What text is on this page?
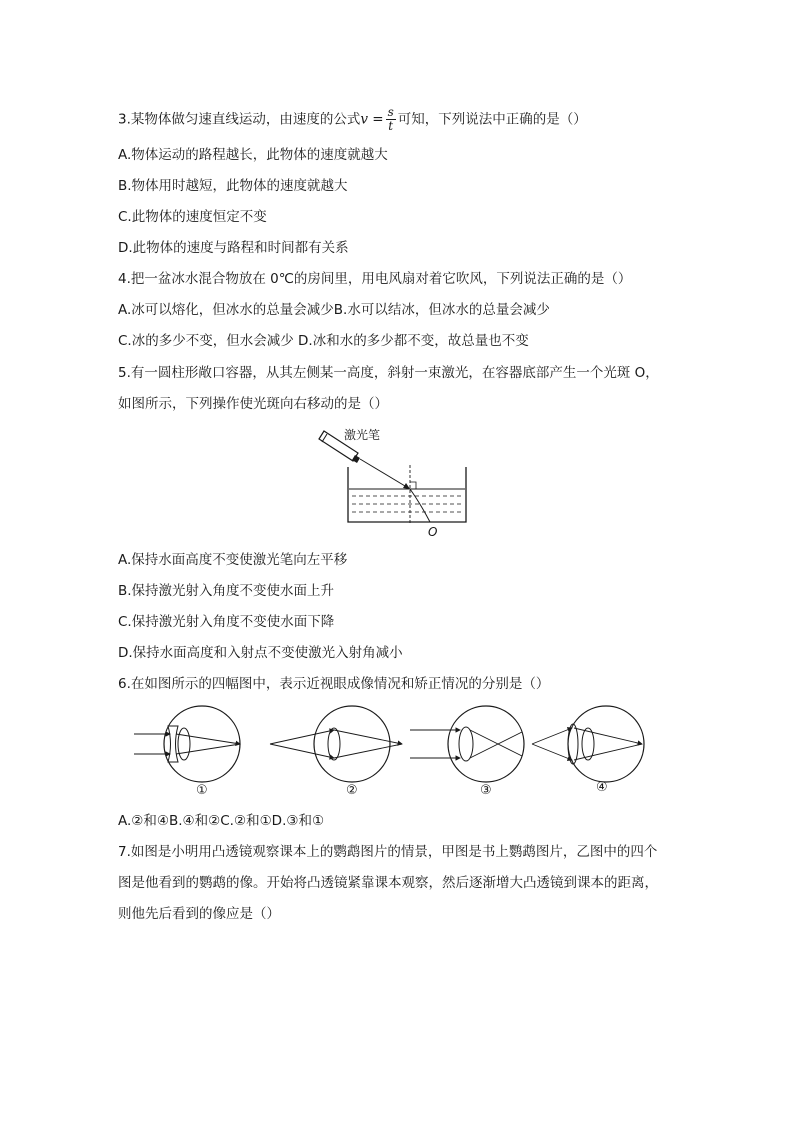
3.某物体做匀速直线运动，由速度的公式$v = \frac{s}{t}$ 可知，下列说法中正确的是（）
A.物体运动的路程越长，此物体的速度就越大
B.物体用时越短，此物体的速度就越大
C.此物体的速度恒定不变
D.此物体的速度与路程和时间都有关系
4.把一盆冰水混合物放在 0℃的房间里，用电风扇对着它吹风，下列说法正确的是（）
A.冰可以熔化，但冰水的总量会减少B.水可以结冰，但冰水的总量会减少
C.冰的多少不变，但水会减少 D.冰和水的多少都不变，故总量也不变
5.有一圆柱形敞口容器，从其左侧某一高度，斜射一束激光，在容器底部产生一个光斑 O，
如图所示，下列操作使光斑向右移动的是（）
激光笔
O
A.保持水面高度不变使激光笔向左平移
B.保持激光射入角度不变使水面上升
C.保持激光射入角度不变使水面下降
D.保持水面高度和入射点不变使激光入射角减小
6.在如图所示的四幅图中，表示近视眼成像情况和矫正情况的分别是（）
①	②	③	④
A.②和④B.④和②C.②和①D.③和①
7.如图是小明用凸透镜观察课本上的鹦鹉图片的情景，甲图是书上鹦鹉图片，乙图中的四个
图是他看到的鹦鹉的像。开始将凸透镜紧靠课本观察，然后逐渐增大凸透镜到课本的距离，
则他先后看到的像应是（）
